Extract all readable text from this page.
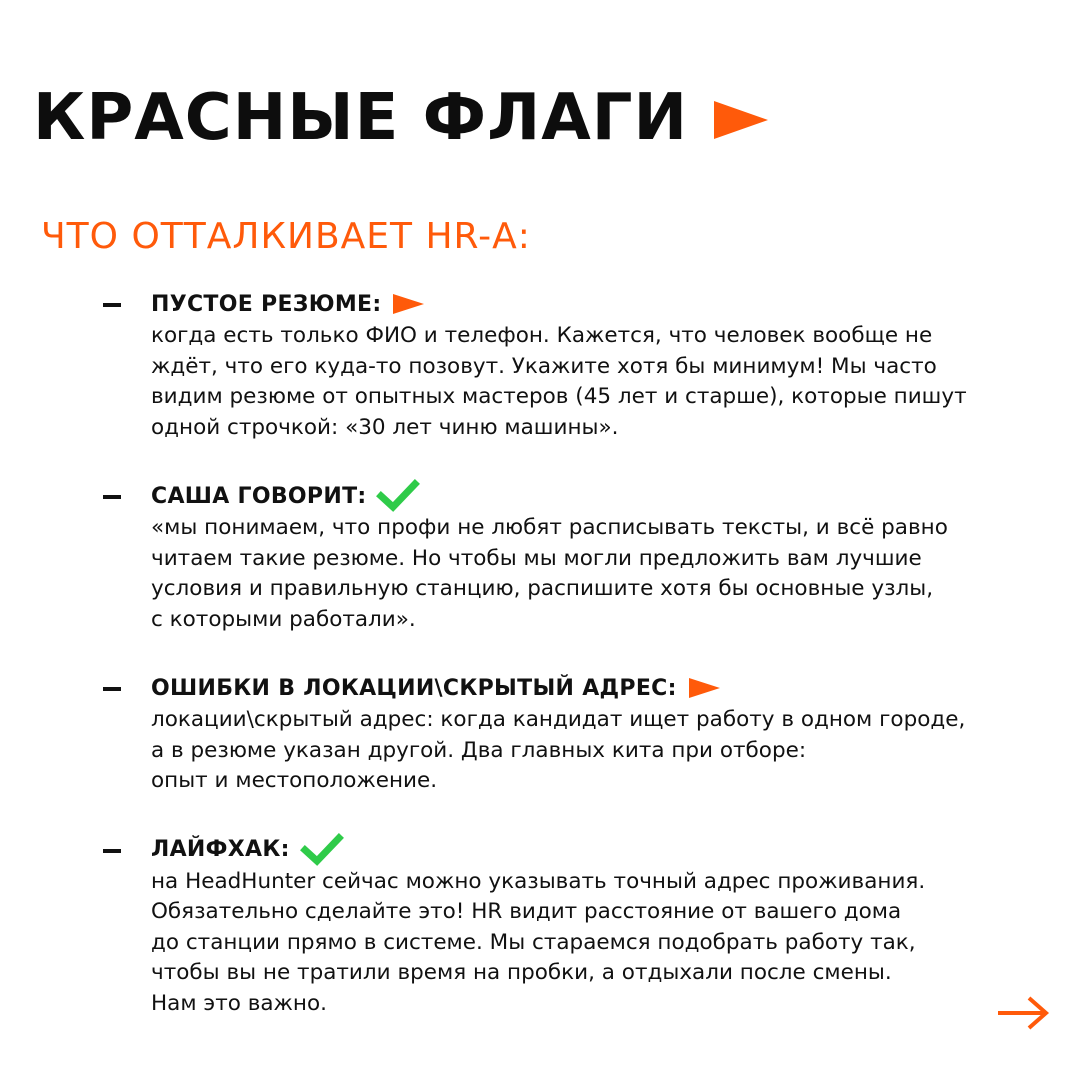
КРАСНЫЕ ФЛАГИ
ЧТО ОТТАЛКИВАЕТ HR-А:
ПУСТОЕ РЕЗЮМЕ:
когда есть только ФИО и телефон. Кажется, что человек вообще не
ждёт, что его куда-то позовут. Укажите хотя бы минимум! Мы часто
видим резюме от опытных мастеров (45 лет и старше), которые пишут
одной строчкой: «30 лет чиню машины».
САША ГОВОРИТ:
«мы понимаем, что профи не любят расписывать тексты, и всё равно
читаем такие резюме. Но чтобы мы могли предложить вам лучшие
условия и правильную станцию, распишите хотя бы основные узлы,
с которыми работали».
ОШИБКИ В ЛОКАЦИИ\СКРЫТЫЙ АДРЕС:
локации\скрытый адрес: когда кандидат ищет работу в одном городе,
а в резюме указан другой. Два главных кита при отборе:
опыт и местоположение.
ЛАЙФХАК:
на HeadHunter сейчас можно указывать точный адрес проживания.
Обязательно сделайте это! HR видит расстояние от вашего дома
до станции прямо в системе. Мы стараемся подобрать работу так,
чтобы вы не тратили время на пробки, а отдыхали после смены.
Нам это важно.
